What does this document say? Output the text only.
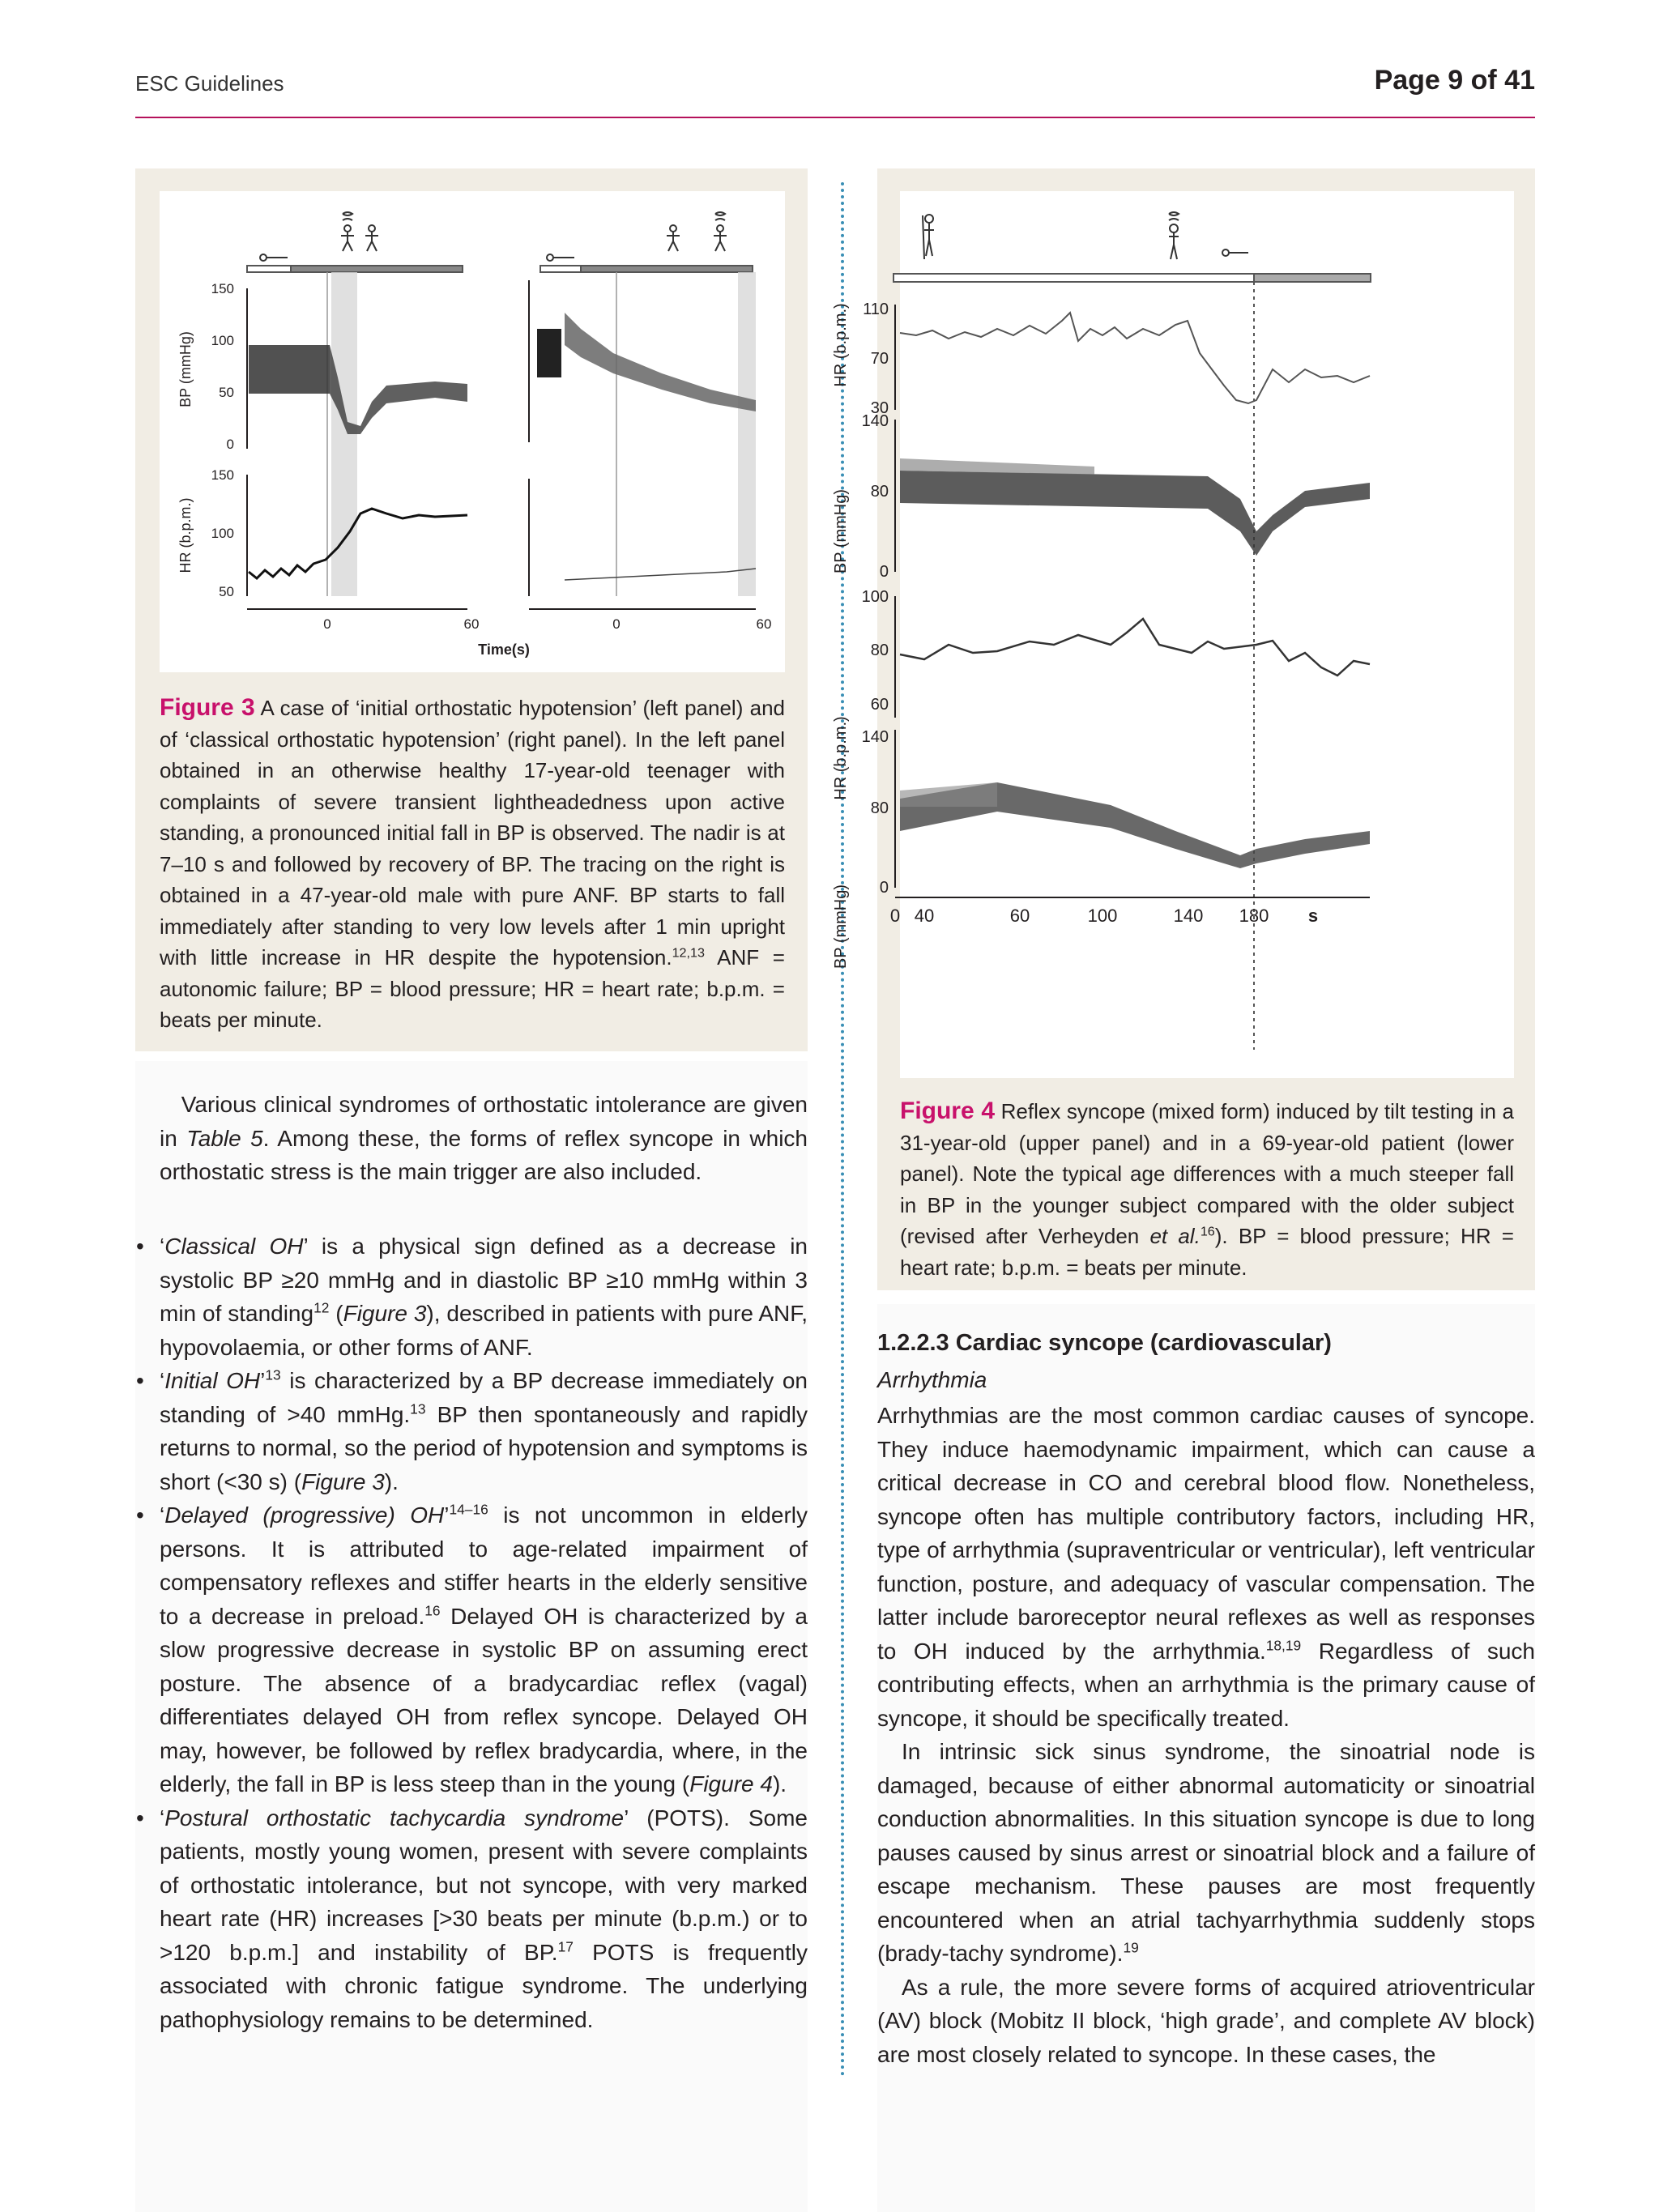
ESC Guidelines	Page 9 of 41
150
100
50
0
BP (mmHg)
150
100
50
HR (b.p.m.)
0	60	0	60
Time(s)
Figure 3 A case of ‘initial orthostatic hypotension’ (left panel) and of ‘classical orthostatic hypotension’ (right panel). In the left panel obtained in an otherwise healthy 17-year-old teenager with complaints of severe transient lightheadedness upon active standing, a pronounced initial fall in BP is observed. The nadir is at 7–10 s and followed by recovery of BP. The tracing on the right is obtained in a 47-year-old male with pure ANF. BP starts to fall immediately after standing to very low levels after 1 min upright with little increase in HR despite the hypotension.$^{12,13}$ ANF = autonomic failure; BP = blood pressure; HR = heart rate; b.p.m. = beats per minute.
HR (b.p.m.)
BP (mmHg)
HR (b.p.m.)
BP (mmHg)
110
70
30
140
80
0
100
80
60
140
80
0
0 40	60	100	140 180 s
Figure 4 Reflex syncope (mixed form) induced by tilt testing in a 31-year-old (upper panel) and in a 69-year-old patient (lower panel). Note the typical age differences with a much steeper fall in BP in the younger subject compared with the older subject (revised after Verheyden et al.$^{16}$). BP = blood pressure; HR = heart rate; b.p.m. = beats per minute.

Various clinical syndromes of orthostatic intolerance are given in Table 5. Among these, the forms of reflex syncope in which orthostatic stress is the main trigger are also included.

• ‘Classical OH’ is a physical sign defined as a decrease in systolic BP ≥20 mmHg and in diastolic BP ≥10 mmHg within 3 min of standing$^{12}$ (Figure 3), described in patients with pure ANF, hypovolaemia, or other forms of ANF.
• ‘Initial OH’$^{13}$ is characterized by a BP decrease immediately on standing of >40 mmHg.$^{13}$ BP then spontaneously and rapidly returns to normal, so the period of hypotension and symptoms is short (<30 s) (Figure 3).
• ‘Delayed (progressive) OH’$^{14-16}$ is not uncommon in elderly persons. It is attributed to age-related impairment of compensatory reflexes and stiffer hearts in the elderly sensitive to a decrease in preload.$^{16}$ Delayed OH is characterized by a slow progressive decrease in systolic BP on assuming erect posture. The absence of a bradycardiac reflex (vagal) differentiates delayed OH from reflex syncope. Delayed OH may, however, be followed by reflex bradycardia, where, in the elderly, the fall in BP is less steep than in the young (Figure 4).
• ‘Postural orthostatic tachycardia syndrome’ (POTS). Some patients, mostly young women, present with severe complaints of orthostatic intolerance, but not syncope, with very marked heart rate (HR) increases [>30 beats per minute (b.p.m.) or to >120 b.p.m.] and instability of BP.$^{17}$ POTS is frequently associated with chronic fatigue syndrome. The underlying pathophysiology remains to be determined.
1.2.2.3 Cardiac syncope (cardiovascular)
Arrhythmia

Arrhythmias are the most common cardiac causes of syncope. They induce haemodynamic impairment, which can cause a critical decrease in CO and cerebral blood flow. Nonetheless, syncope often has multiple contributory factors, including HR, type of arrhythmia (supraventricular or ventricular), left ventricular function, posture, and adequacy of vascular compensation. The latter include baroreceptor neural reflexes as well as responses to OH induced by the arrhythmia.$^{18,19}$ Regardless of such contributing effects, when an arrhythmia is the primary cause of syncope, it should be specifically treated.

In intrinsic sick sinus syndrome, the sinoatrial node is damaged, because of either abnormal automaticity or sinoatrial conduction abnormalities. In this situation syncope is due to long pauses caused by sinus arrest or sinoatrial block and a failure of escape mechanism. These pauses are most frequently encountered when an atrial tachyarrhythmia suddenly stops (brady-tachy syndrome).$^{19}$

As a rule, the more severe forms of acquired atrioventricular (AV) block (Mobitz II block, ‘high grade’, and complete AV block) are most closely related to syncope. In these cases, the
